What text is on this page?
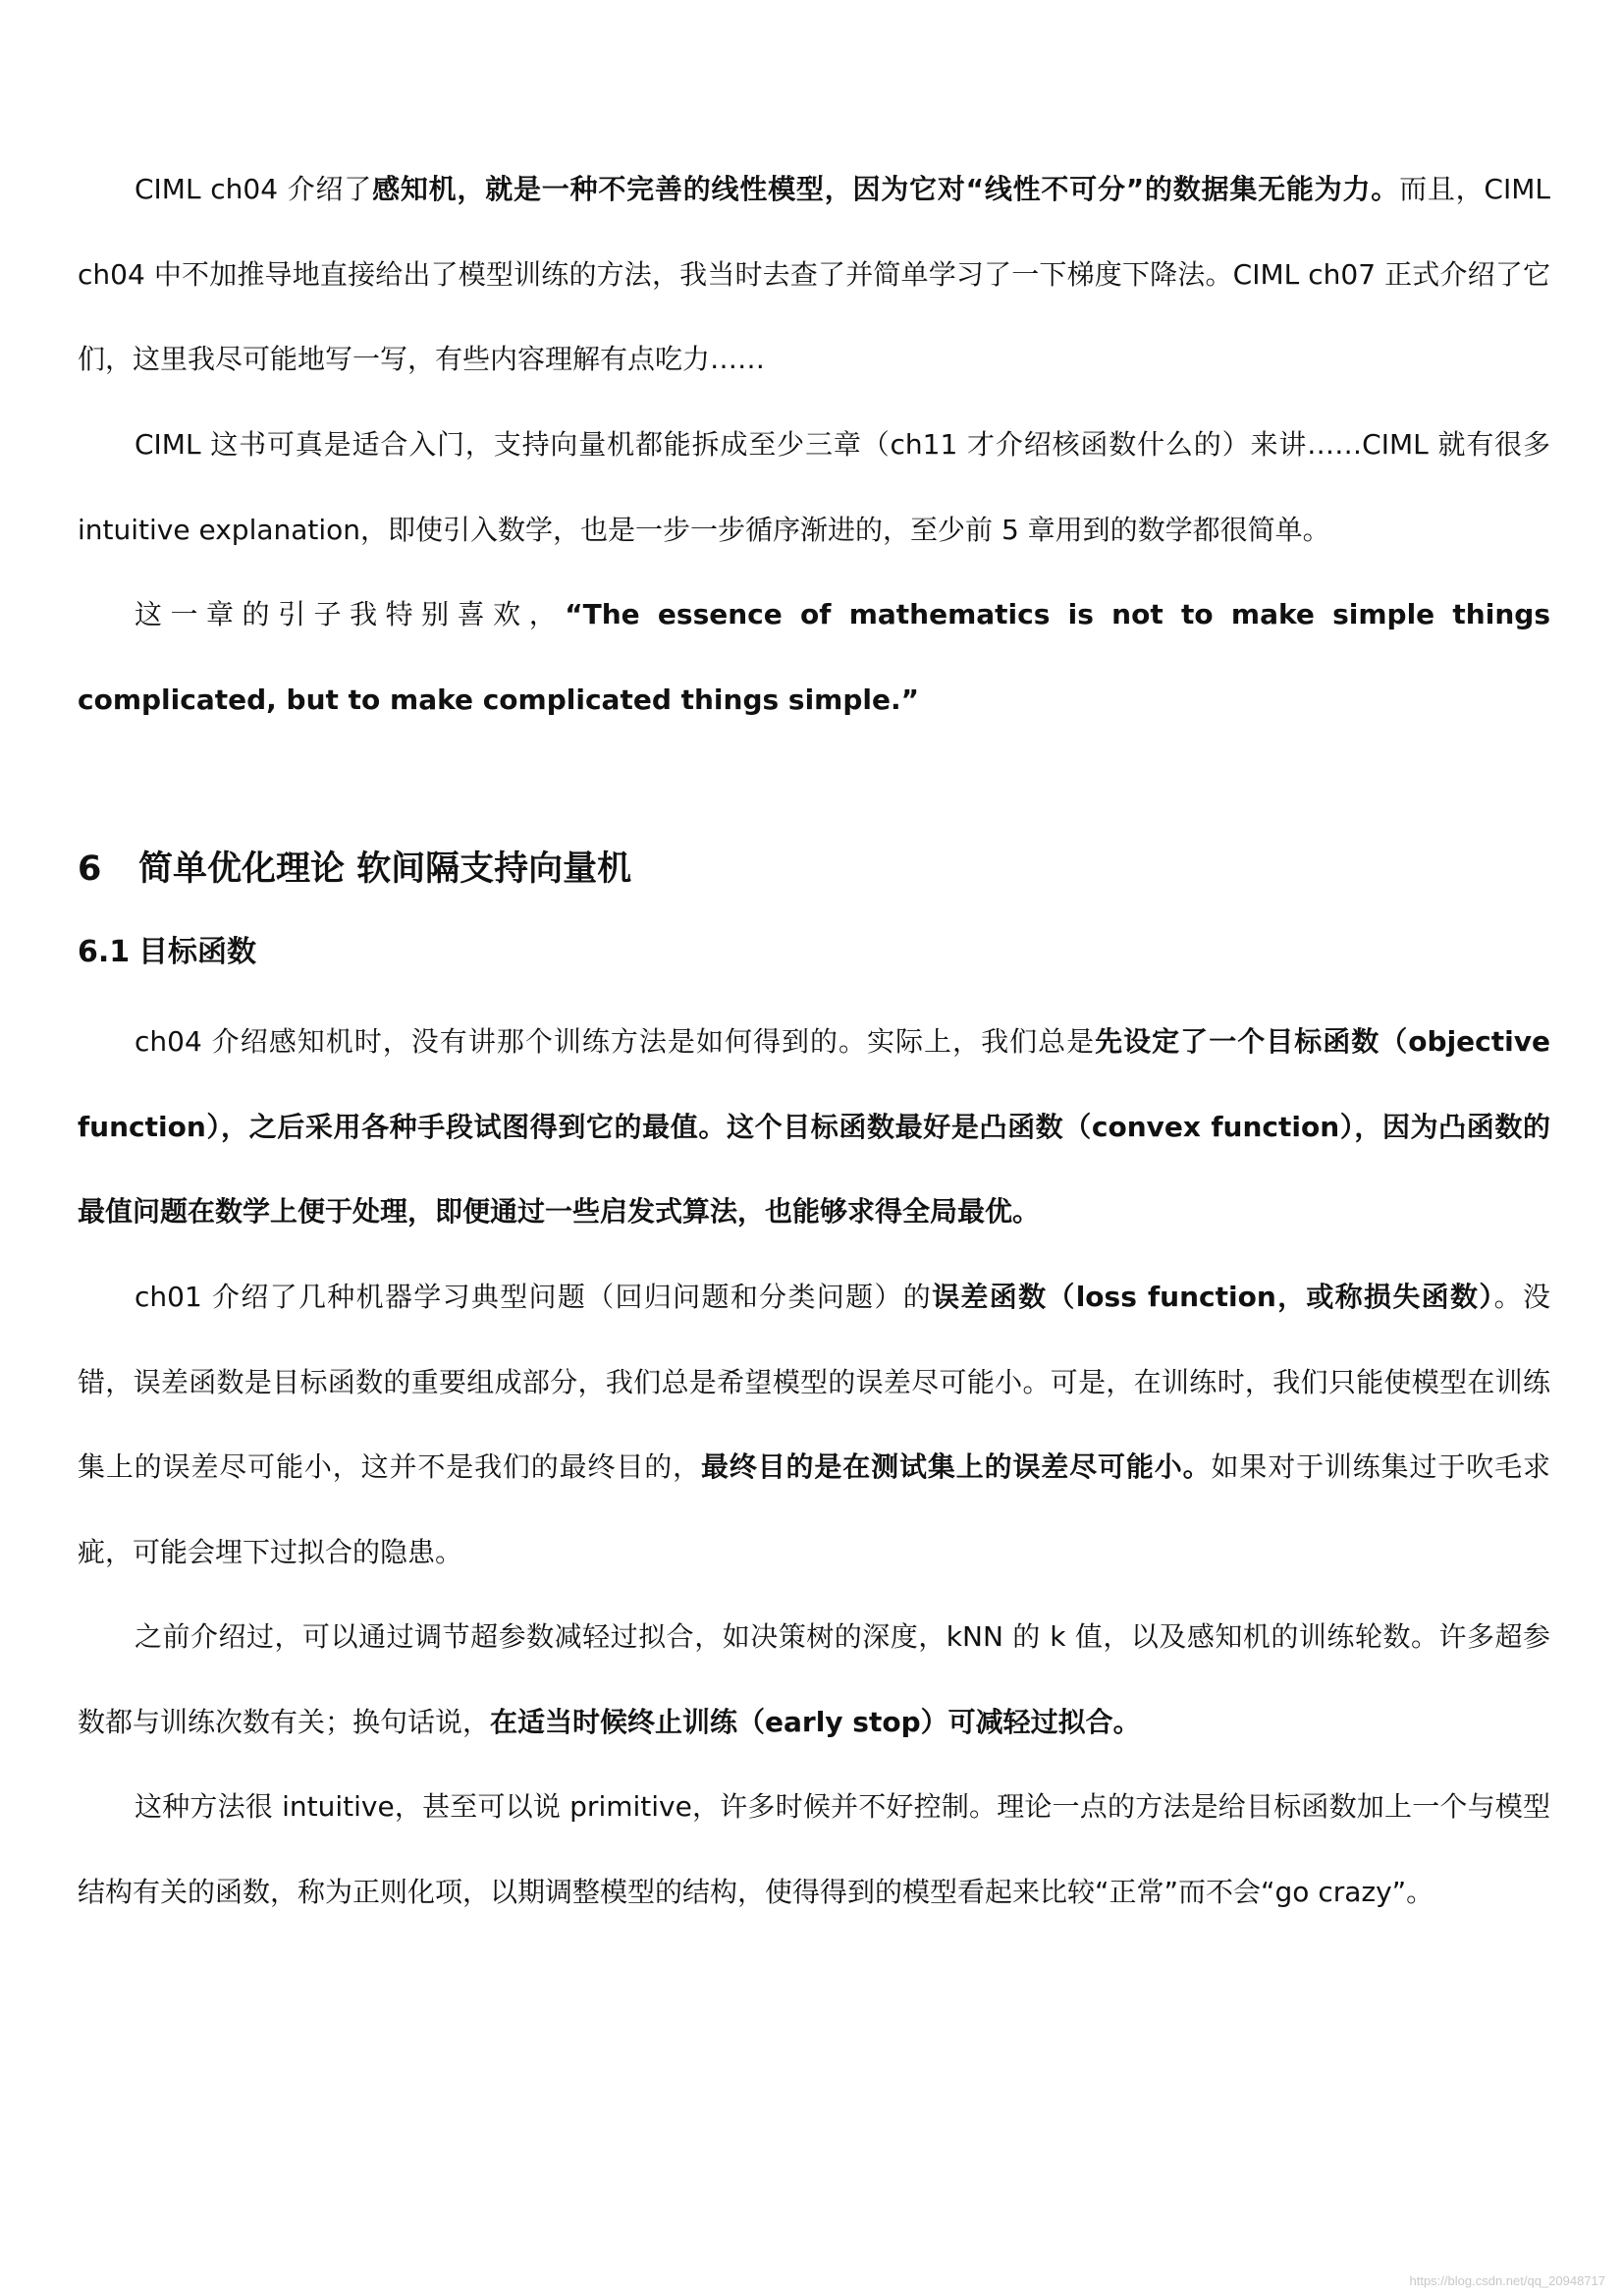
CIML ch04 介绍了感知机，就是一种不完善的线性模型，因为它对“线性不可分”的数据集无能为力。而且，CIML ch04 中不加推导地直接给出了模型训练的方法，我当时去查了并简单学习了一下梯度下降法。CIML ch07 正式介绍了它们，这里我尽可能地写一写，有些内容理解有点吃力……

CIML 这书可真是适合入门，支持向量机都能拆成至少三章（ch11 才介绍核函数什么的）来讲……CIML 就有很多 intuitive explanation，即使引入数学，也是一步一步循序渐进的，至少前 5 章用到的数学都很简单。

这一章的引子我特别喜欢，“The essence of mathematics is not to make simple things complicated, but to make complicated things simple.”

6 简单优化理论 软间隔支持向量机
6.1 目标函数

ch04 介绍感知机时，没有讲那个训练方法是如何得到的。实际上，我们总是先设定了一个目标函数（objective function），之后采用各种手段试图得到它的最值。这个目标函数最好是凸函数（convex function），因为凸函数的最值问题在数学上便于处理，即便通过一些启发式算法，也能够求得全局最优。

ch01 介绍了几种机器学习典型问题（回归问题和分类问题）的误差函数（loss function，或称损失函数）。没错，误差函数是目标函数的重要组成部分，我们总是希望模型的误差尽可能小。可是，在训练时，我们只能使模型在训练集上的误差尽可能小，这并不是我们的最终目的，最终目的是在测试集上的误差尽可能小。如果对于训练集过于吹毛求疵，可能会埋下过拟合的隐患。

之前介绍过，可以通过调节超参数减轻过拟合，如决策树的深度，kNN 的 k 值，以及感知机的训练轮数。许多超参数都与训练次数有关；换句话说，在适当时候终止训练（early stop）可减轻过拟合。

这种方法很 intuitive，甚至可以说 primitive，许多时候并不好控制。理论一点的方法是给目标函数加上一个与模型结构有关的函数，称为正则化项，以期调整模型的结构，使得得到的模型看起来比较“正常”而不会“go crazy”。

https://blog.csdn.net/qq_20948717
